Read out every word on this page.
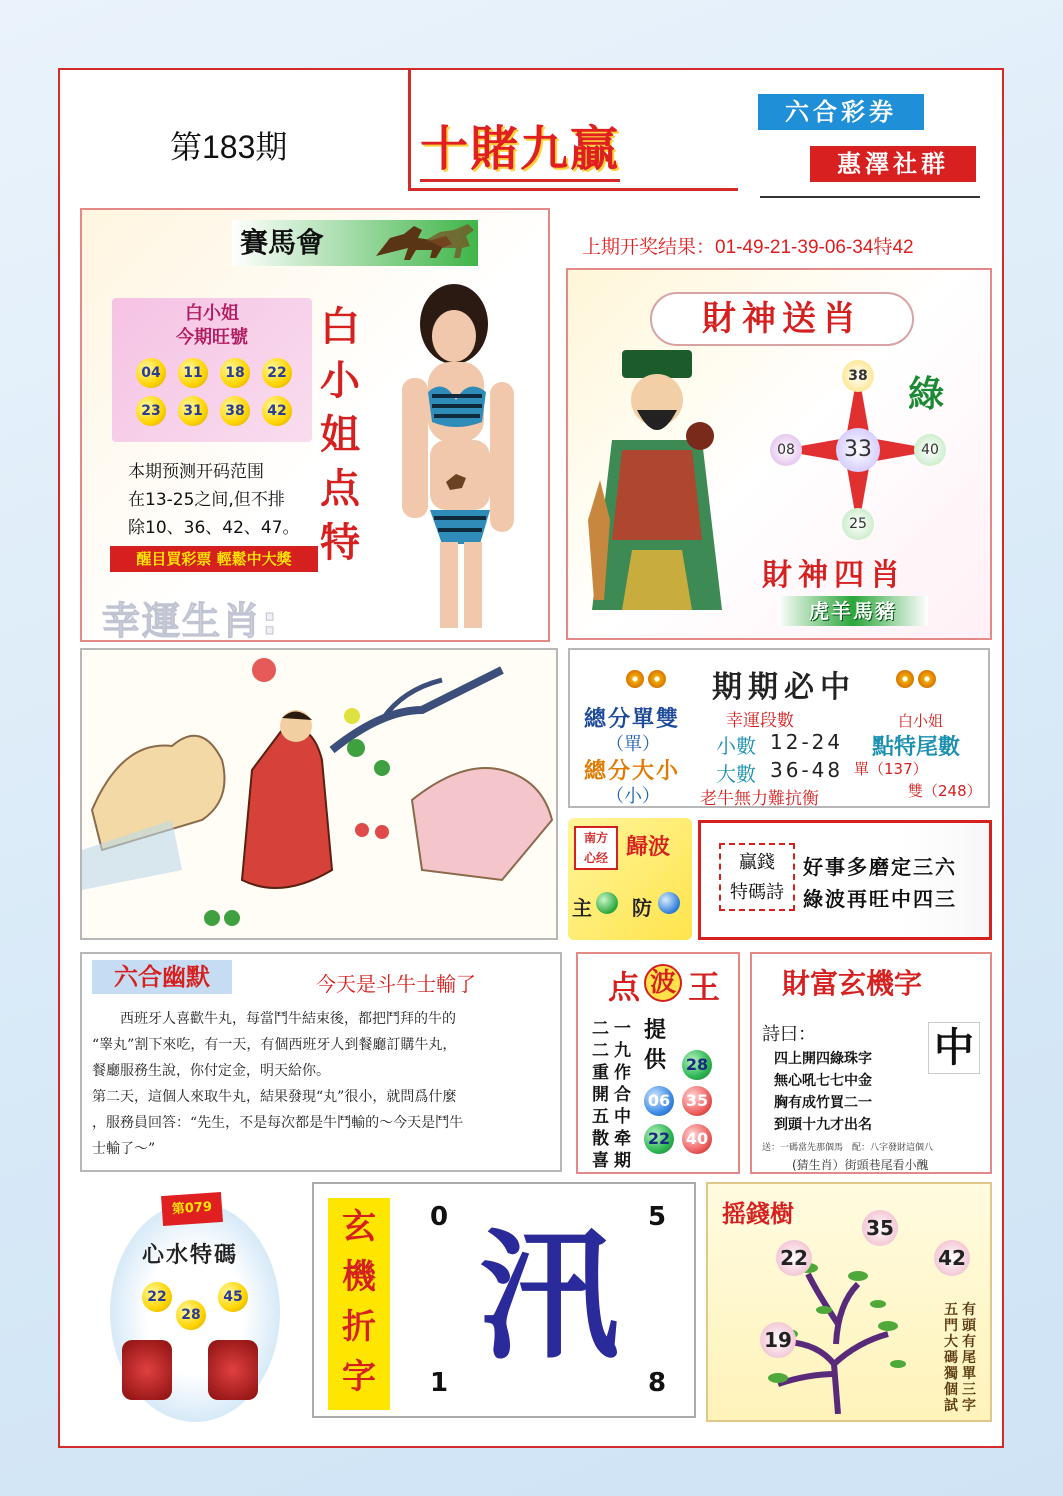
第183期	十賭九贏
六合彩券
惠澤社群
賽馬會
白小姐
今期旺號
04	11	18	22
23	31	38	42
本期预测开码范围
在13-25之间,但不排
除10、36、42、47。
醒目買彩票 輕鬆中大獎
白小姐点特
幸運生肖:
上期开奖结果：01-49-21-39-06-34特42
財神送肖
38
08	40
25
33
綠
財神四肖
虎羊馬豬
期期必中
總分單雙
（單）
總分大小
（小）
幸運段數
小數 12-24
大數 36-48
老牛無力難抗衡
白小姐
點特尾數
單（137）
雙（248）
南方
心经 歸波
主 防
贏錢
特碼詩
好事多磨定三六
綠波再旺中四三
六合幽默	今天是斗牛士輸了
　　西班牙人喜歡牛丸，每當鬥牛結束後，都把鬥拜的牛的
“睾丸”割下來吃，有一天，有個西班牙人到餐廳訂購牛丸，
餐廳服務生說，你付定金，明天給你。
第二天，這個人來取牛丸，結果發現“丸”很小，就問爲什麼
，服務員回答：“先生，不是每次都是牛鬥輸的～今天是鬥牛
士輸了～”
点 波 王
二二重開五散喜
一九作合中牵期
提供 28
06 35
22 40
財富玄機字
詩曰：
四上開四綠珠字
無心吼七七中金
胸有成竹買二一
到頭十九才出名
中
送：一碼當先那個馬　配：八字發財這個八
(猜生肖）街頭巷尾看小醜
第079
心水特碼
22
28
45
玄機折字
0	5
1	8
汛
摇錢樹	35
22	42
19
有頭有尾單三字
五門大碼獨個試
